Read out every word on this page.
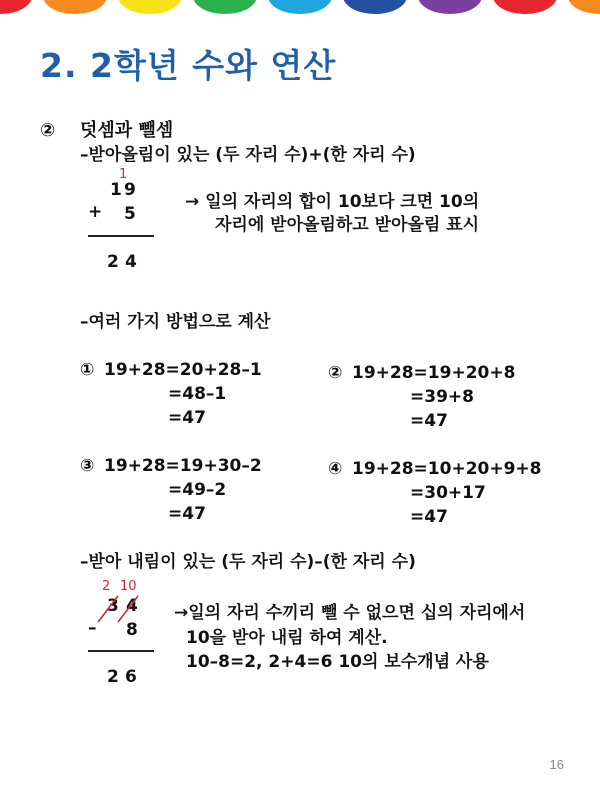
2. 2학년 수와 연산
② 덧셈과 뺄셈
–받아올림이 있는 (두 자리 수)+(한 자리 수)
1
1 9
+ 5
2 4
→ 일의 자리의 합이 10보다 크면 10의
자리에 받아올림하고 받아올림 표시
–여러 가지 방법으로 계산
① 19+28=20+28–1
=48–1
=47
② 19+28=19+20+8
=39+8
=47
③ 19+28=19+30–2
=49–2
=47
④ 19+28=10+20+9+8
=30+17
=47
–받아 내림이 있는 (두 자리 수)–(한 자리 수)
2 10
3 4
– 8
2 6
→일의 자리 수끼리 뺄 수 없으면 십의 자리에서
10을 받아 내림 하여 계산.
10–8=2, 2+4=6 10의 보수개념 사용
16
